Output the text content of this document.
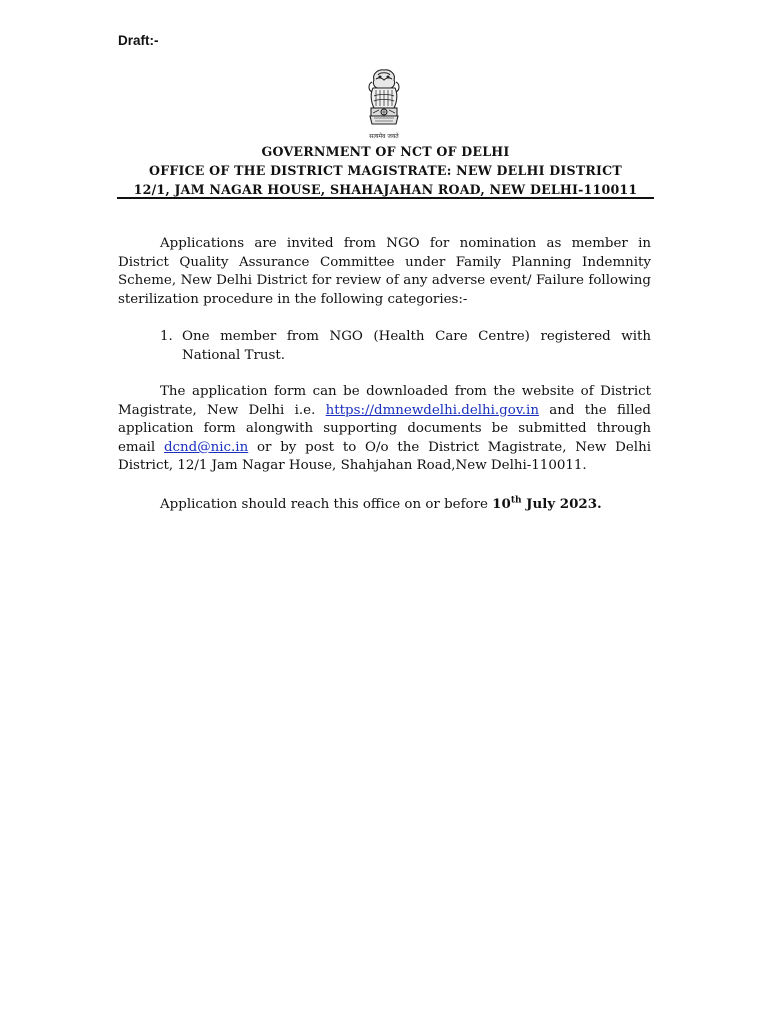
Draft:-
सत्यमेव जयते
GOVERNMENT OF NCT OF DELHI
OFFICE OF THE DISTRICT MAGISTRATE: NEW DELHI DISTRICT
12/1, JAM NAGAR HOUSE, SHAHAJAHAN ROAD, NEW DELHI-110011

Applications are invited from NGO for nomination as member in District Quality Assurance Committee under Family Planning Indemnity Scheme, New Delhi District for review of any adverse event/ Failure following sterilization procedure in the following categories:-

1. One member from NGO (Health Care Centre) registered with National Trust.

The application form can be downloaded from the website of District Magistrate, New Delhi i.e. https://dmnewdelhi.delhi.gov.in and the filled application form alongwith supporting documents be submitted through email dcnd@nic.in or by post to O/o the District Magistrate, New Delhi District, 12/1 Jam Nagar House, Shahjahan Road,New Delhi-110011.

Application should reach this office on or before 10th July 2023.
